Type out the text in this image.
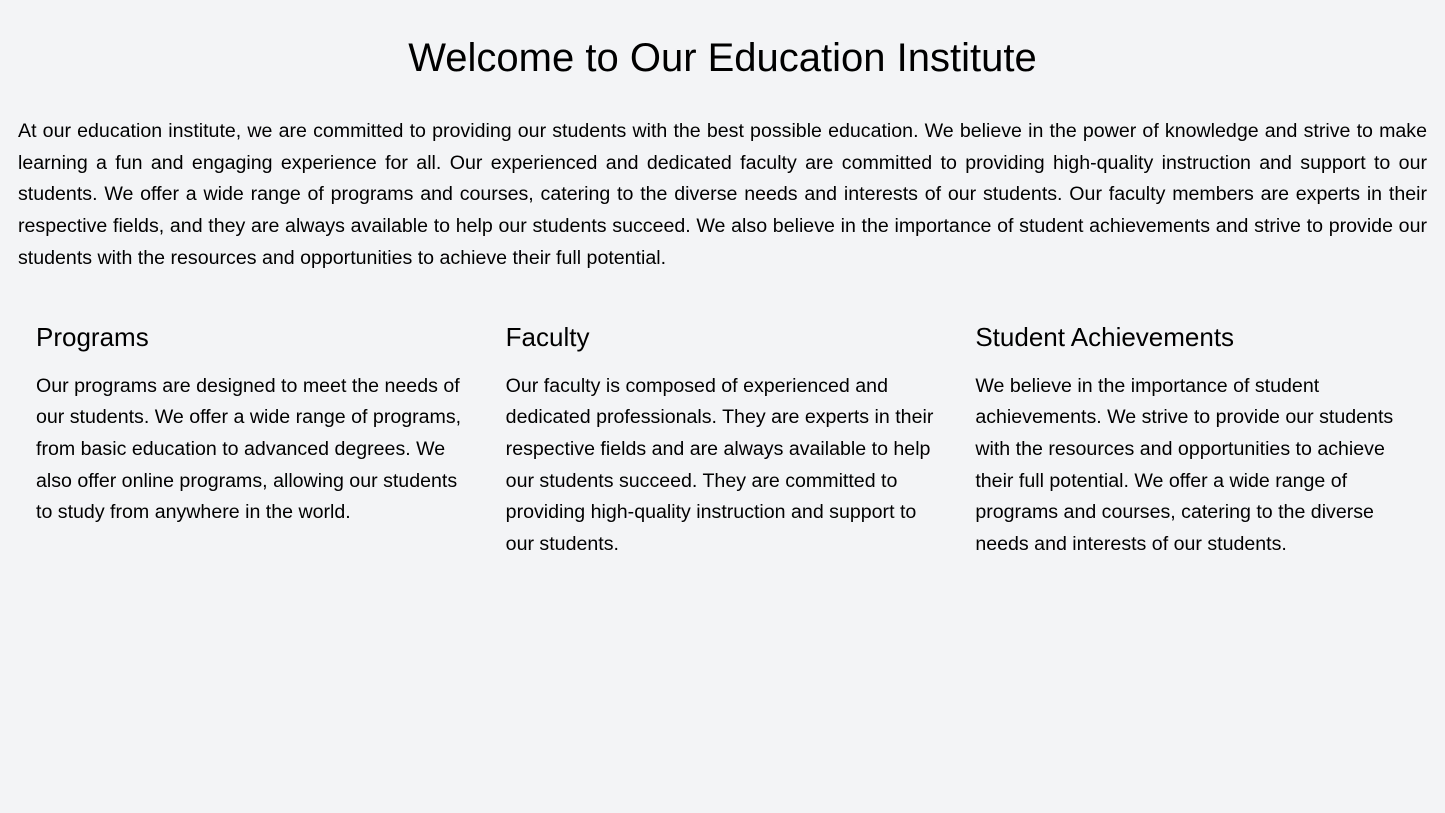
Welcome to Our Education Institute

At our education institute, we are committed to providing our students with the best possible education. We believe in the power of knowledge and strive to make learning a fun and engaging experience for all. Our experienced and dedicated faculty are committed to providing high-quality instruction and support to our students. We offer a wide range of programs and courses, catering to the diverse needs and interests of our students. Our faculty members are experts in their respective fields, and they are always available to help our students succeed. We also believe in the importance of student achievements and strive to provide our students with the resources and opportunities to achieve their full potential.

Programs

Our programs are designed to meet the needs of our students. We offer a wide range of programs, from basic education to advanced degrees. We also offer online programs, allowing our students to study from anywhere in the world.

Faculty

Our faculty is composed of experienced and dedicated professionals. They are experts in their respective fields and are always available to help our students succeed. They are committed to providing high-quality instruction and support to our students.

Student Achievements

We believe in the importance of student achievements. We strive to provide our students with the resources and opportunities to achieve their full potential. We offer a wide range of programs and courses, catering to the diverse needs and interests of our students.
